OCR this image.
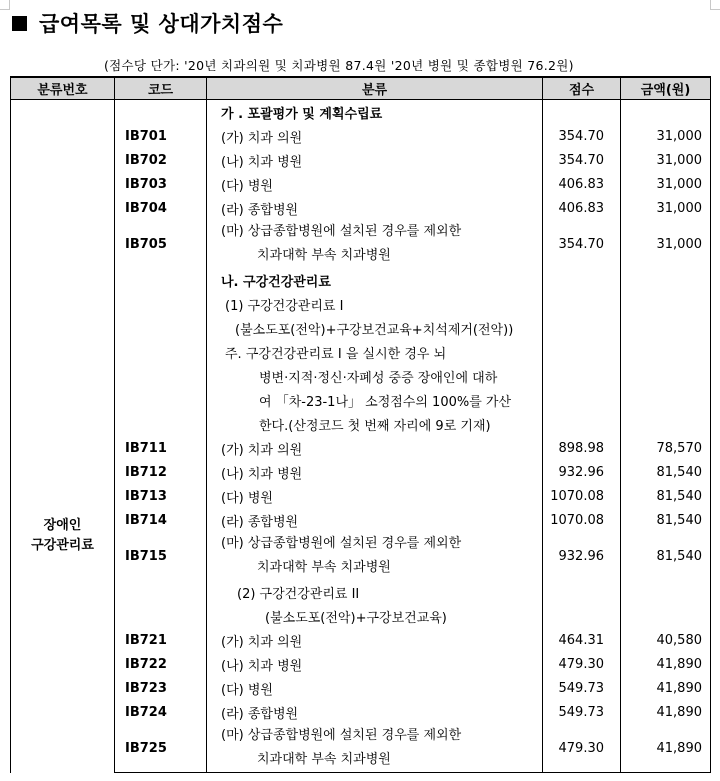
급여목록 및 상대가치점수
(점수당 단가: '20년 치과의원 및 치과병원 87.4원 '20년 병원 및 종합병원 76.2원)
분류번호	코드	분류	점수	금액(원)

장애인
구강관리료		가 . 포괄평가 및 계획수립료		
	IB701	(가) 치과 의원	354.70	31,000
	IB702	(나) 치과 병원	354.70	31,000
	IB703	(다) 병원	406.83	31,000
	IB704	(라) 종합병원	406.83	31,000
	IB705	(마) 상급종합병원에 설치된 경우를 제외한
치과대학 부속 치과병원	354.70	31,000
		나. 구강건강관리료		
		(1) 구강건강관리료 I		
		(불소도포(전악)+구강보건교육+치석제거(전악))		
		주. 구강건강관리료 I 을 실시한 경우 뇌		
		병변·지적·정신·자폐성 중증 장애인에 대하		
		여 「차-23-1나」 소정점수의 100%를 가산		
		한다.(산정코드 첫 번째 자리에 9로 기재)		
	IB711	(가) 치과 의원	898.98	78,570
	IB712	(나) 치과 병원	932.96	81,540
	IB713	(다) 병원	1070.08	81,540
	IB714	(라) 종합병원	1070.08	81,540
	IB715	(마) 상급종합병원에 설치된 경우를 제외한
치과대학 부속 치과병원	932.96	81,540
		(2) 구강건강관리료 II		
		(불소도포(전악)+구강보건교육)		
	IB721	(가) 치과 의원	464.31	40,580
	IB722	(나) 치과 병원	479.30	41,890
	IB723	(다) 병원	549.73	41,890
	IB724	(라) 종합병원	549.73	41,890
	IB725	(마) 상급종합병원에 설치된 경우를 제외한
치과대학 부속 치과병원	479.30	41,890
